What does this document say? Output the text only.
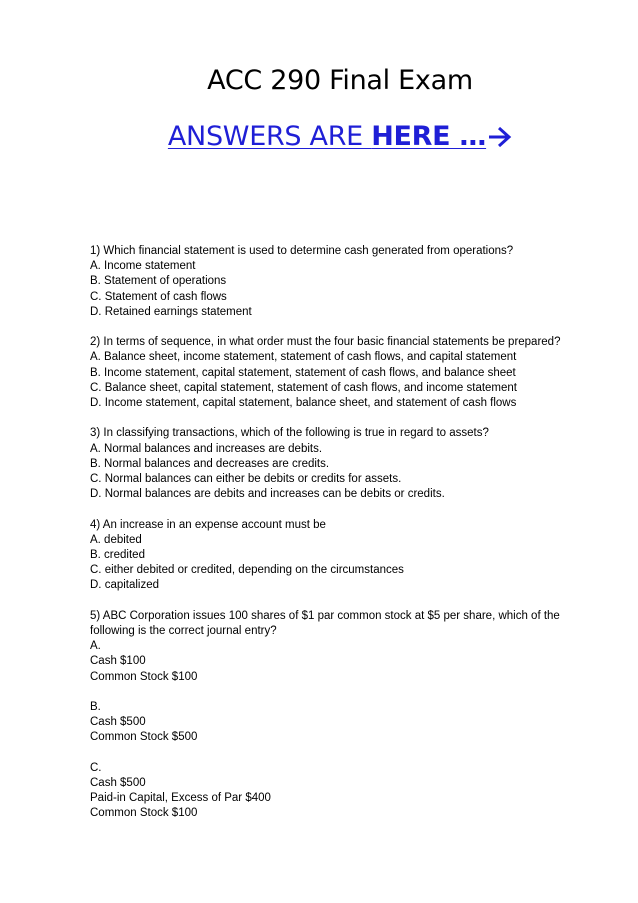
ACC 290 Final Exam
ANSWERS ARE HERE …
1) Which financial statement is used to determine cash generated from operations?
A. Income statement
B. Statement of operations
C. Statement of cash flows
D. Retained earnings statement
2) In terms of sequence, in what order must the four basic financial statements be prepared?
A. Balance sheet, income statement, statement of cash flows, and capital statement
B. Income statement, capital statement, statement of cash flows, and balance sheet
C. Balance sheet, capital statement, statement of cash flows, and income statement
D. Income statement, capital statement, balance sheet, and statement of cash flows
3) In classifying transactions, which of the following is true in regard to assets?
A. Normal balances and increases are debits.
B. Normal balances and decreases are credits.
C. Normal balances can either be debits or credits for assets.
D. Normal balances are debits and increases can be debits or credits.
4) An increase in an expense account must be
A. debited
B. credited
C. either debited or credited, depending on the circumstances
D. capitalized
5) ABC Corporation issues 100 shares of $1 par common stock at $5 per share, which of the
following is the correct journal entry?
A.
Cash $100
Common Stock $100
B.
Cash $500
Common Stock $500
C.
Cash $500
Paid-in Capital, Excess of Par $400
Common Stock $100
